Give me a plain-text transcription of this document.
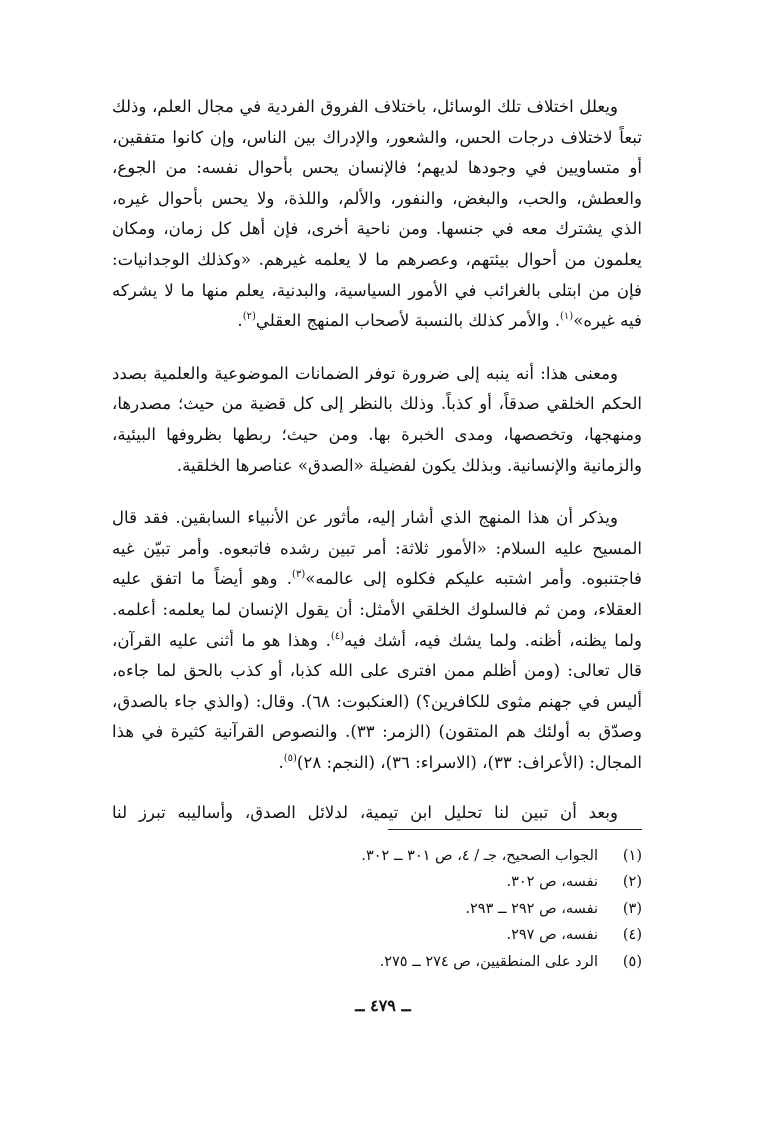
ويعلل اختلاف تلك الوسائل، باختلاف الفروق الفردية في مجال العلم، وذلك تبعاً لاختلاف درجات الحس، والشعور، والإدراك بين الناس، وإن كانوا متفقين، أو متساويين في وجودها لديهم؛ فالإنسان يحس بأحوال نفسه: من الجوع، والعطش، والحب، والبغض، والنفور، والألم، واللذة، ولا يحس بأحوال غيره، الذي يشترك معه في جنسها. ومن ناحية أخرى، فإن أهل كل زمان، ومكان يعلمون من أحوال بيئتهم، وعصرهم ما لا يعلمه غيرهم. «وكذلك الوجدانيات: فإن من ابتلى بالغرائب في الأمور السياسية، والبدنية، يعلم منها ما لا يشركه فيه غيره»$^{(١)}$. والأمر كذلك بالنسبة لأصحاب المنهج العقلي$^{(٢)}$.

ومعنى هذا: أنه ينبه إلى ضرورة توفر الضمانات الموضوعية والعلمية بصدد الحكم الخلقي صدقاً، أو كذباً. وذلك بالنظر إلى كل قضية من حيث؛ مصدرها، ومنهجها، وتخصصها، ومدى الخبرة بها. ومن حيث؛ ربطها بظروفها البيئية، والزمانية والإنسانية. وبذلك يكون لفضيلة «الصدق» عناصرها الخلقية.

ويذكر أن هذا المنهج الذي أشار إليه، مأثور عن الأنبياء السابقين. فقد قال المسيح عليه السلام: «الأمور ثلاثة: أمر تبين رشده فاتبعوه. وأمر تبيّن غيه فاجتنبوه. وأمر اشتبه عليكم فكلوه إلى عالمه»$^{(٣)}$. وهو أيضاً ما اتفق عليه العقلاء، ومن ثم فالسلوك الخلقي الأمثل: أن يقول الإنسان لما يعلمه: أعلمه. ولما يظنه، أظنه. ولما يشك فيه، أشك فيه$^{(٤)}$. وهذا هو ما أثنى عليه القرآن، قال تعالى: (ومن أظلم ممن افترى على الله كذبا، أو كذب بالحق لما جاءه، أليس في جهنم مثوى للكافرين؟) (العنكبوت: ٦٨). وقال: (والذي جاء بالصدق، وصدّق به أولئك هم المتقون) (الزمر: ٣٣). والنصوص القرآنية كثيرة في هذا المجال: (الأعراف: ٣٣)، (الاسراء: ٣٦)، (النجم: ٢٨)$^{(٥)}$.

وبعد أن تبين لنا تحليل ابن تيمية، لدلائل الصدق، وأساليبه تبرز لنا

(١)
الجواب الصحيح، جـ / ٤، ص ٣٠١ ــ ٣٠٢.
(٢)
نفسه، ص ٣٠٢.
(٣)
نفسه، ص ٢٩٢ ــ ٢٩٣.
(٤)
نفسه، ص ٢٩٧.
(٥)
الرد على المنطقيين، ص ٢٧٤ ــ ٢٧٥.
ــ ٤٧٩ ــ
